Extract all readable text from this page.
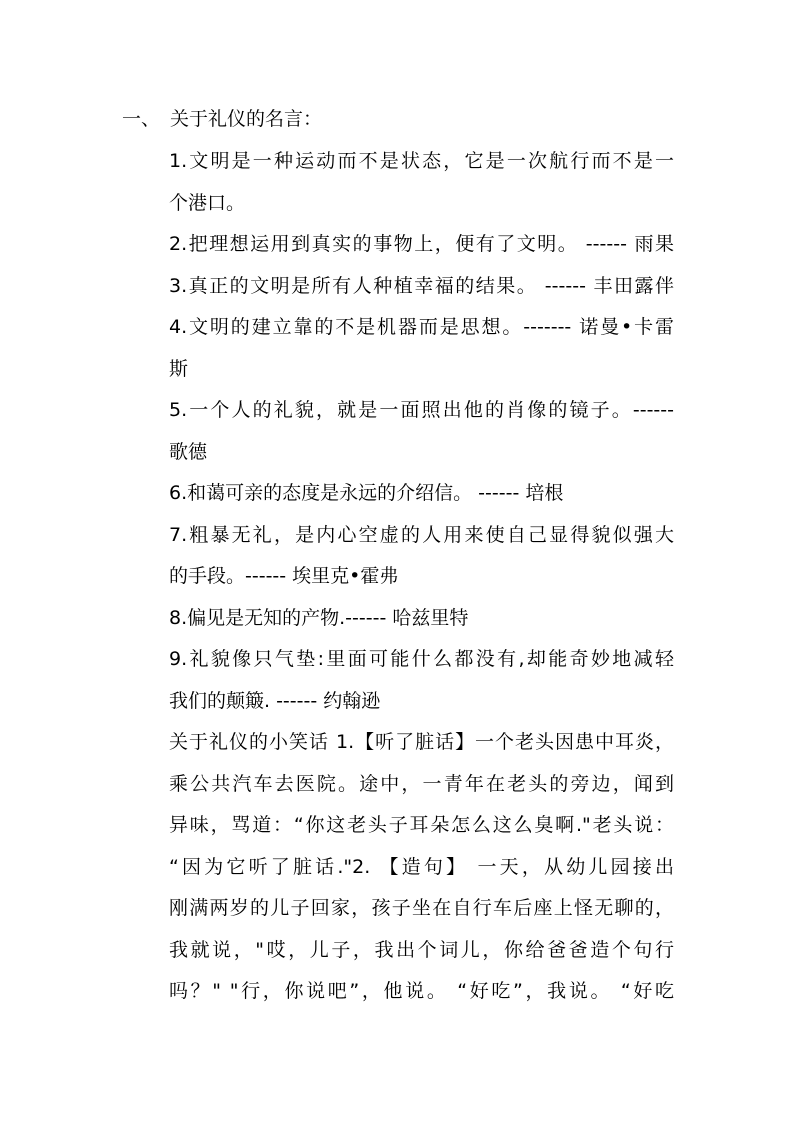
一、 关于礼仪的名言：
1.文明是一种运动而不是状态，它是一次航行而不是一
个港口。
2.把理想运用到真实的事物上，便有了文明。 ------ 雨果
3.真正的文明是所有人种植幸福的结果。 ------ 丰田露伴
4.文明的建立靠的不是机器而是思想。------- 诺曼•卡雷
斯
5.一个人的礼貌，就是一面照出他的肖像的镜子。------
歌德
6.和蔼可亲的态度是永远的介绍信。 ------ 培根
7.粗暴无礼，是内心空虚的人用来使自己显得貌似强大
的手段。------ 埃里克•霍弗
8.偏见是无知的产物.------ 哈兹里特
9.礼貌像只气垫:里面可能什么都没有,却能奇妙地减轻
我们的颠簸. ------ 约翰逊
关于礼仪的小笑话 1.【听了脏话】一个老头因患中耳炎，
乘公共汽车去医院。途中，一青年在老头的旁边，闻到
异味，骂道：“你这老头子耳朵怎么这么臭啊."老头说：
“因为它听了脏话."2. 【造句】 一天，从幼儿园接出
刚满两岁的儿子回家，孩子坐在自行车后座上怪无聊的，
我就说，"哎，儿子，我出个词儿，你给爸爸造个句行
吗？" "行，你说吧”，他说。 “好吃”，我说。 “好吃
